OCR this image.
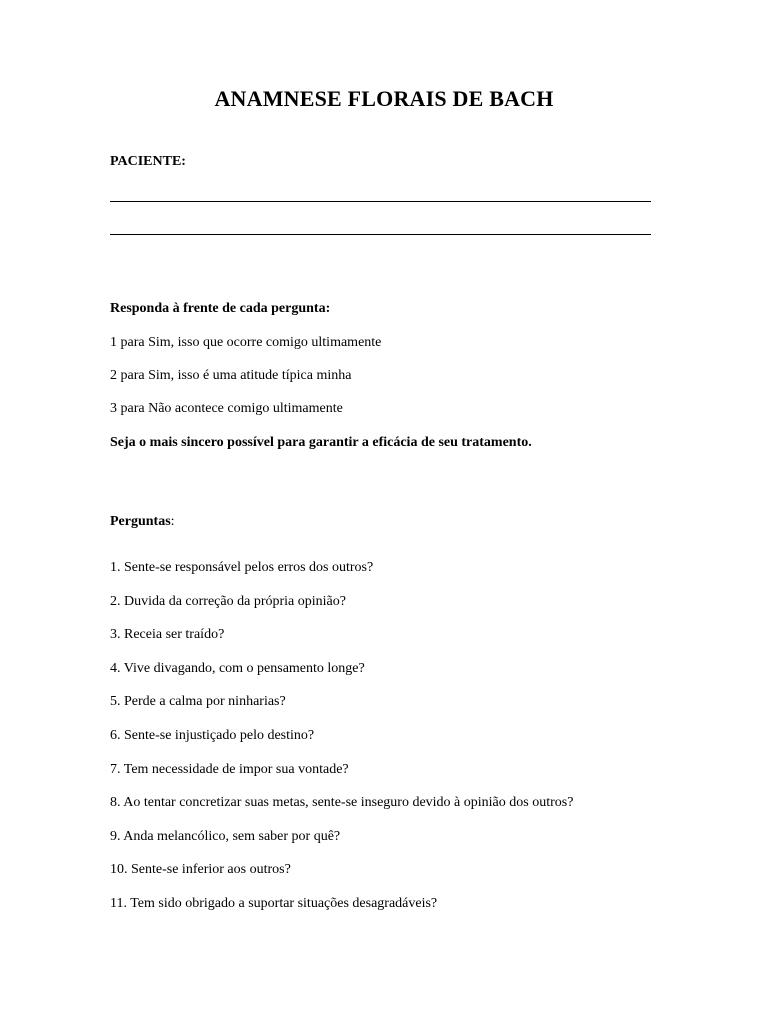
ANAMNESE FLORAIS DE BACH
PACIENTE:
Responda à frente de cada pergunta:
1 para Sim, isso que ocorre comigo ultimamente
2 para Sim, isso é uma atitude típica minha
3 para Não acontece comigo ultimamente
Seja o mais sincero possível para garantir a eficácia de seu tratamento.
Perguntas:
1. Sente-se responsável pelos erros dos outros?
2. Duvida da correção da própria opinião?
3. Receia ser traído?
4. Vive divagando, com o pensamento longe?
5. Perde a calma por ninharias?
6. Sente-se injustiçado pelo destino?
7. Tem necessidade de impor sua vontade?
8. Ao tentar concretizar suas metas, sente-se inseguro devido à opinião dos outros?
9. Anda melancólico, sem saber por quê?
10. Sente-se inferior aos outros?
11. Tem sido obrigado a suportar situações desagradáveis?
